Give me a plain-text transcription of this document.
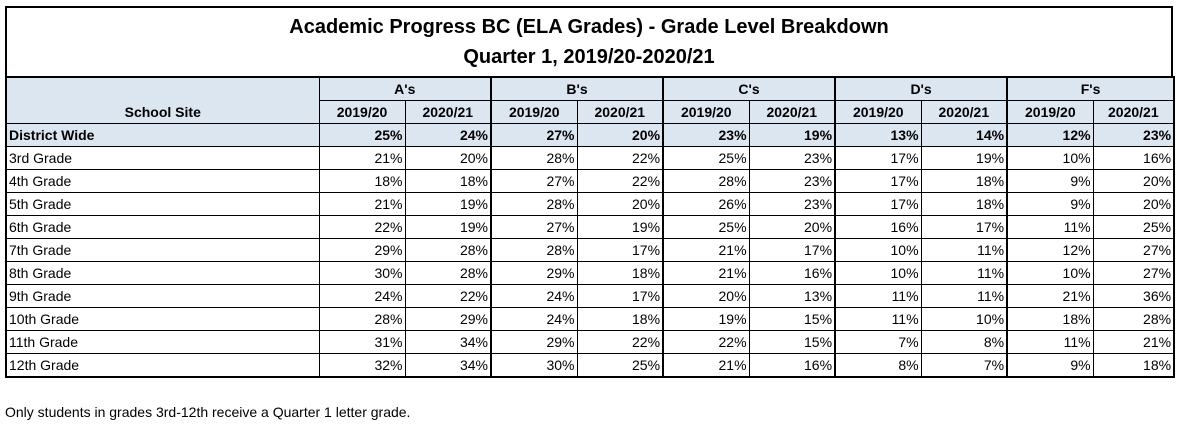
Academic Progress BC (ELA Grades) - Grade Level Breakdown
Quarter 1, 2019/20-2020/21
School Site	A's		B's		C's		D's		F's	
	2019/20	2020/21	2019/20	2020/21	2019/20	2020/21	2019/20	2020/21	2019/20	2020/21
District Wide	25%	24%	27%	20%	23%	19%	13%	14%	12%	23%
3rd Grade	21%	20%	28%	22%	25%	23%	17%	19%	10%	16%
4th Grade	18%	18%	27%	22%	28%	23%	17%	18%	9%	20%
5th Grade	21%	19%	28%	20%	26%	23%	17%	18%	9%	20%
6th Grade	22%	19%	27%	19%	25%	20%	16%	17%	11%	25%
7th Grade	29%	28%	28%	17%	21%	17%	10%	11%	12%	27%
8th Grade	30%	28%	29%	18%	21%	16%	10%	11%	10%	27%
9th Grade	24%	22%	24%	17%	20%	13%	11%	11%	21%	36%
10th Grade	28%	29%	24%	18%	19%	15%	11%	10%	18%	28%
11th Grade	31%	34%	29%	22%	22%	15%	7%	8%	11%	21%
12th Grade	32%	34%	30%	25%	21%	16%	8%	7%	9%	18%
Only students in grades 3rd-12th receive a Quarter 1 letter grade.
